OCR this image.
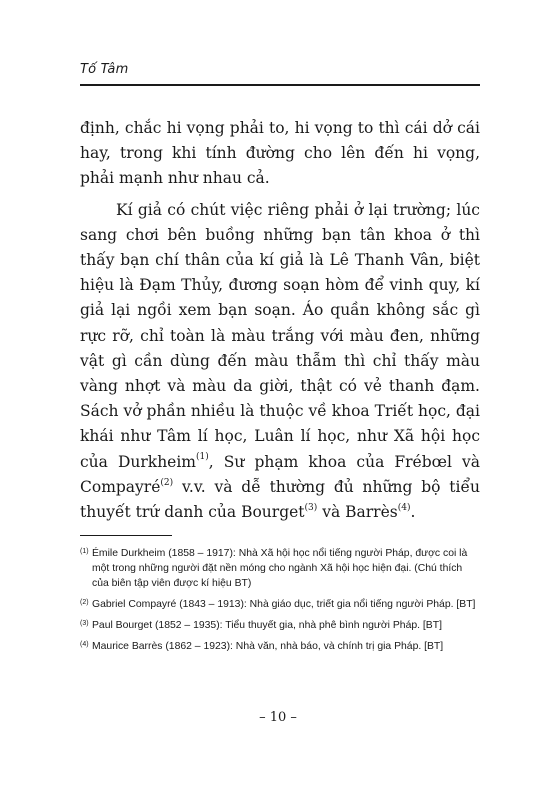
Tố Tâm

định, chắc hi vọng phải to, hi vọng to thì cái dở cái hay, trong khi tính đường cho lên đến hi vọng, phải mạnh như nhau cả.

Kí giả có chút việc riêng phải ở lại trường; lúc sang chơi bên buồng những bạn tân khoa ở thì thấy bạn chí thân của kí giả là Lê Thanh Vân, biệt hiệu là Đạm Thủy, đương soạn hòm để vinh quy, kí giả lại ngồi xem bạn soạn. Áo quần không sắc gì rực rỡ, chỉ toàn là màu trắng với màu đen, những vật gì cần dùng đến màu thẫm thì chỉ thấy màu vàng nhợt và màu da giời, thật có vẻ thanh đạm. Sách vở phần nhiều là thuộc về khoa Triết học, đại khái như Tâm lí học, Luân lí học, như Xã hội học của Durkheim$^{(1)}$, Sư phạm khoa của Frébœl và Compayré$^{(2)}$ v.v. và dễ thường đủ những bộ tiểu thuyết trứ danh của Bourget$^{(3)}$ và Barrès$^{(4)}$.

(1) Émile Durkheim (1858 – 1917): Nhà Xã hội học nổi tiếng người Pháp, được coi là một trong những người đặt nền móng cho ngành Xã hội học hiện đại. (Chú thích của biên tập viên được kí hiệu BT)
(2) Gabriel Compayré (1843 – 1913): Nhà giáo dục, triết gia nổi tiếng người Pháp. [BT]
(3) Paul Bourget (1852 – 1935): Tiểu thuyết gia, nhà phê bình người Pháp. [BT]
(4) Maurice Barrès (1862 – 1923): Nhà văn, nhà báo, và chính trị gia Pháp. [BT]
– 10 –
